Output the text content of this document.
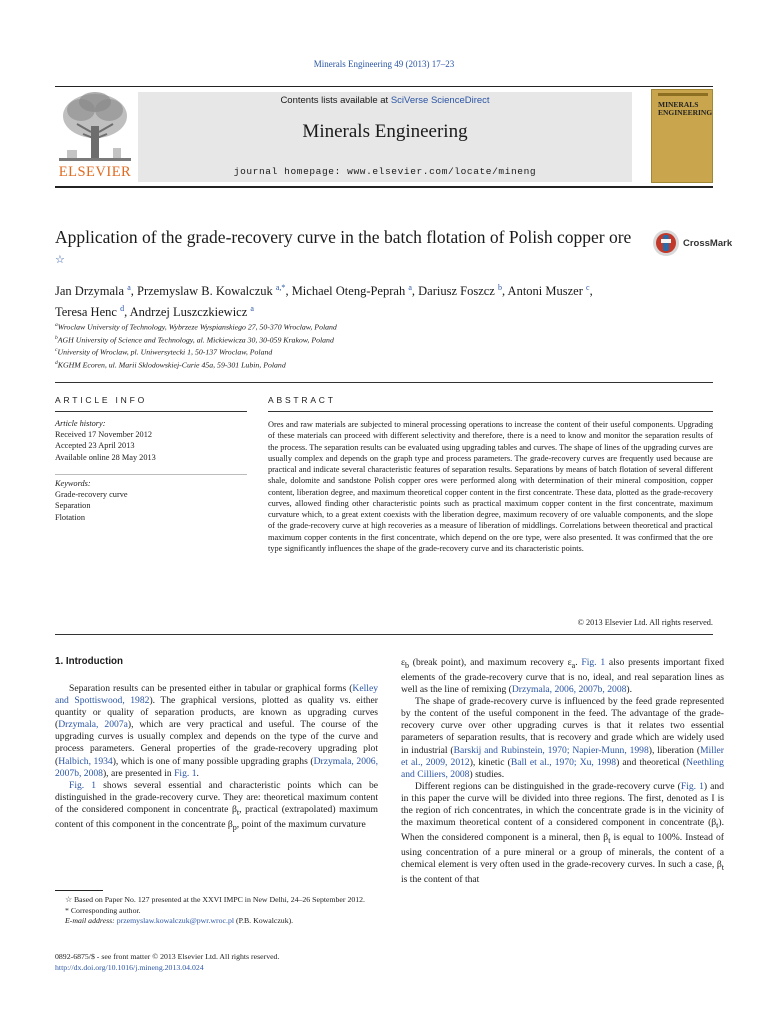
Minerals Engineering 49 (2013) 17–23
ELSEVIER
Contents lists available at SciVerse ScienceDirect
Minerals Engineering
journal homepage: www.elsevier.com/locate/mineng
MINERALS ENGINEERING
Application of the grade-recovery curve in the batch flotation of Polish copper ore ☆
CrossMark
Jan Drzymala $^a$, Przemyslaw B. Kowalczuk $^{a,*}$, Michael Oteng-Peprah $^a$, Dariusz Foszcz $^b$, Antoni Muszer $^c$,
Teresa Henc $^d$, Andrzej Luszczkiewicz $^a$
$^a$Wroclaw University of Technology, Wybrzeze Wyspianskiego 27, 50-370 Wroclaw, Poland
$^b$AGH University of Science and Technology, al. Mickiewicza 30, 30-059 Krakow, Poland
$^c$University of Wroclaw, pl. Uniwersytecki 1, 50-137 Wroclaw, Poland
$^d$KGHM Ecoren, ul. Marii Sklodowskiej-Curie 45a, 59-301 Lubin, Poland
ARTICLE INFO	ABSTRACT
Article history:
Received 17 November 2012
Accepted 23 April 2013
Available online 28 May 2013
Keywords:
Grade-recovery curve
Separation
Flotation
Ores and raw materials are subjected to mineral processing operations to increase the content of their useful components. Upgrading of these materials can proceed with different selectivity and therefore, there is a need to know and monitor the separation results of the process. The separation results can be evaluated using upgrading tables and curves. The shape of lines of the upgrading curves are usually complex and depends on the graph type and process parameters. The grade-recovery curves are frequently used because are practical and indicate several characteristic features of separation results. Separations by means of batch flotation of several different shale, dolomite and sandstone Polish copper ores were performed along with determination of their mineral composition, copper content, liberation degree, and maximum theoretical copper content in the first concentrate. These data, plotted as the grade-recovery curves, allowed finding other characteristic points such as practical maximum copper content in the first concentrate, maximum curvature which, to a great extent coexists with the liberation degree, maximum recovery of ore valuable components, and the slope of the grade-recovery curve at high recoveries as a measure of liberation of middlings. Correlations between theoretical and practical maximum copper contents in the first concentrate, which depend on the ore type, were also presented. It was confirmed that the ore type significantly influences the shape of the grade-recovery curve and its characteristic points.
© 2013 Elsevier Ltd. All rights reserved.
1. Introduction

Separation results can be presented either in tabular or graphical forms (Kelley and Spottiswood, 1982). The graphical versions, plotted as quality vs. either quantity or quality of separation products, are known as upgrading curves (Drzymala, 2007a), which are very practical and useful. The course of the upgrading curves is usually complex and depends on the type of the curve and process parameters. General properties of the grade-recovery upgrading plot (Halbich, 1934), which is one of many possible upgrading graphs (Drzymala, 2006, 2007b, 2008), are presented in Fig. 1.

Fig. 1 shows several essential and characteristic points which can be distinguished in the grade-recovery curve. They are: theoretical maximum content of the considered component in concentrate $\beta_t$, practical (extrapolated) maximum content of this component in the concentrate $\beta_p$, point of the maximum curvature

$\varepsilon_b$ (break point), and maximum recovery $\varepsilon_a$. Fig. 1 also presents important fixed elements of the grade-recovery curve that is no, ideal, and real separation lines as well as the line of remixing (Drzymala, 2006, 2007b, 2008).

The shape of grade-recovery curve is influenced by the feed grade represented by the content of the useful component in the feed. The advantage of the grade-recovery curve over other upgrading curves is that it relates two essential parameters of separation results, that is recovery and grade which are widely used in industrial (Barskij and Rubinstein, 1970; Napier-Munn, 1998), liberation (Miller et al., 2009, 2012), kinetic (Ball et al., 1970; Xu, 1998) and theoretical (Neethling and Cilliers, 2008) studies.

Different regions can be distinguished in the grade-recovery curve (Fig. 1) and in this paper the curve will be divided into three regions. The first, denoted as I is the region of rich concentrates, in which the concentrate grade is in the vicinity of the maximum theoretical content of a considered component in concentrate $(\beta_t)$. When the considered component is a mineral, then $\beta_t$ is equal to 100%. Instead of using concentration of a pure mineral or a group of minerals, the content of a chemical element is very often used in the grade-recovery curves. In such a case, $\beta_t$ is the content of that

☆ Based on Paper No. 127 presented at the XXVI IMPC in New Delhi, 24–26 September 2012.
* Corresponding author.
E-mail address: przemyslaw.kowalczuk@pwr.wroc.pl (P.B. Kowalczuk).
0892-6875/$ - see front matter © 2013 Elsevier Ltd. All rights reserved.
http://dx.doi.org/10.1016/j.mineng.2013.04.024
